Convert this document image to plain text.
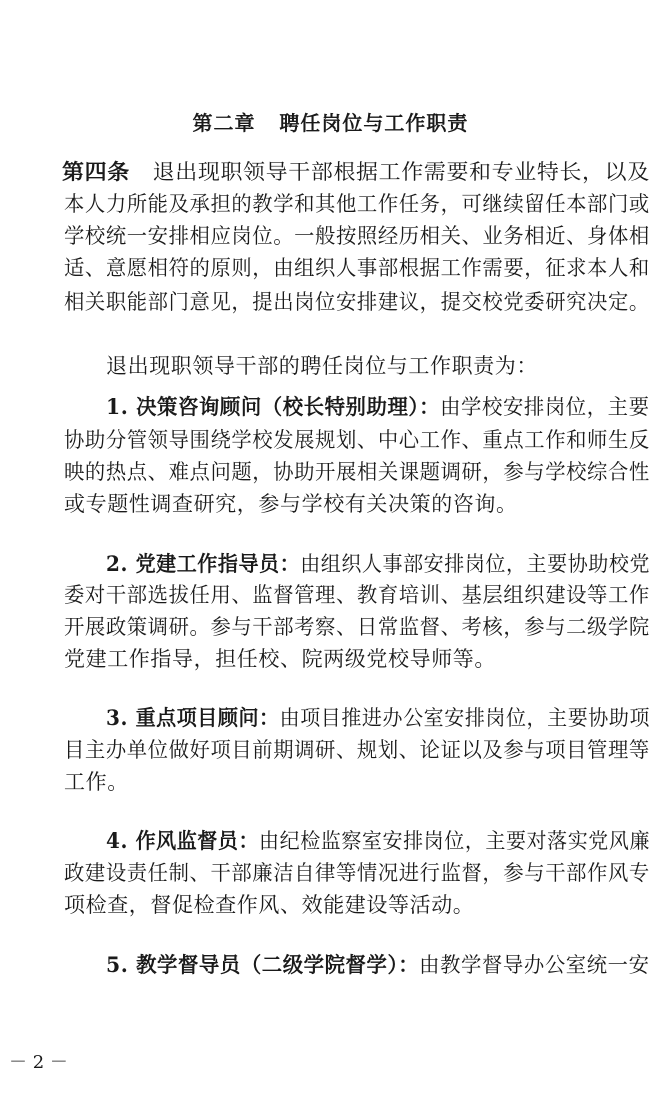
第二章   聘任岗位与工作职责
第四条   退出现职领导干部根据工作需要和专业特长，以及
本人力所能及承担的教学和其他工作任务，可继续留任本部门或
学校统一安排相应岗位。一般按照经历相关、业务相近、身体相
适、意愿相符的原则，由组织人事部根据工作需要，征求本人和
相关职能部门意见，提出岗位安排建议，提交校党委研究决定。
退出现职领导干部的聘任岗位与工作职责为：
1. 决策咨询顾问（校长特别助理）：由学校安排岗位，主要
协助分管领导围绕学校发展规划、中心工作、重点工作和师生反
映的热点、难点问题，协助开展相关课题调研，参与学校综合性
或专题性调查研究，参与学校有关决策的咨询。
2. 党建工作指导员：由组织人事部安排岗位，主要协助校党
委对干部选拔任用、监督管理、教育培训、基层组织建设等工作
开展政策调研。参与干部考察、日常监督、考核，参与二级学院
党建工作指导，担任校、院两级党校导师等。
3. 重点项目顾问：由项目推进办公室安排岗位，主要协助项
目主办单位做好项目前期调研、规划、论证以及参与项目管理等
工作。
4. 作风监督员：由纪检监察室安排岗位，主要对落实党风廉
政建设责任制、干部廉洁自律等情况进行监督，参与干部作风专
项检查，督促检查作风、效能建设等活动。
5. 教学督导员（二级学院督学）：由教学督导办公室统一安
－ 2 －
